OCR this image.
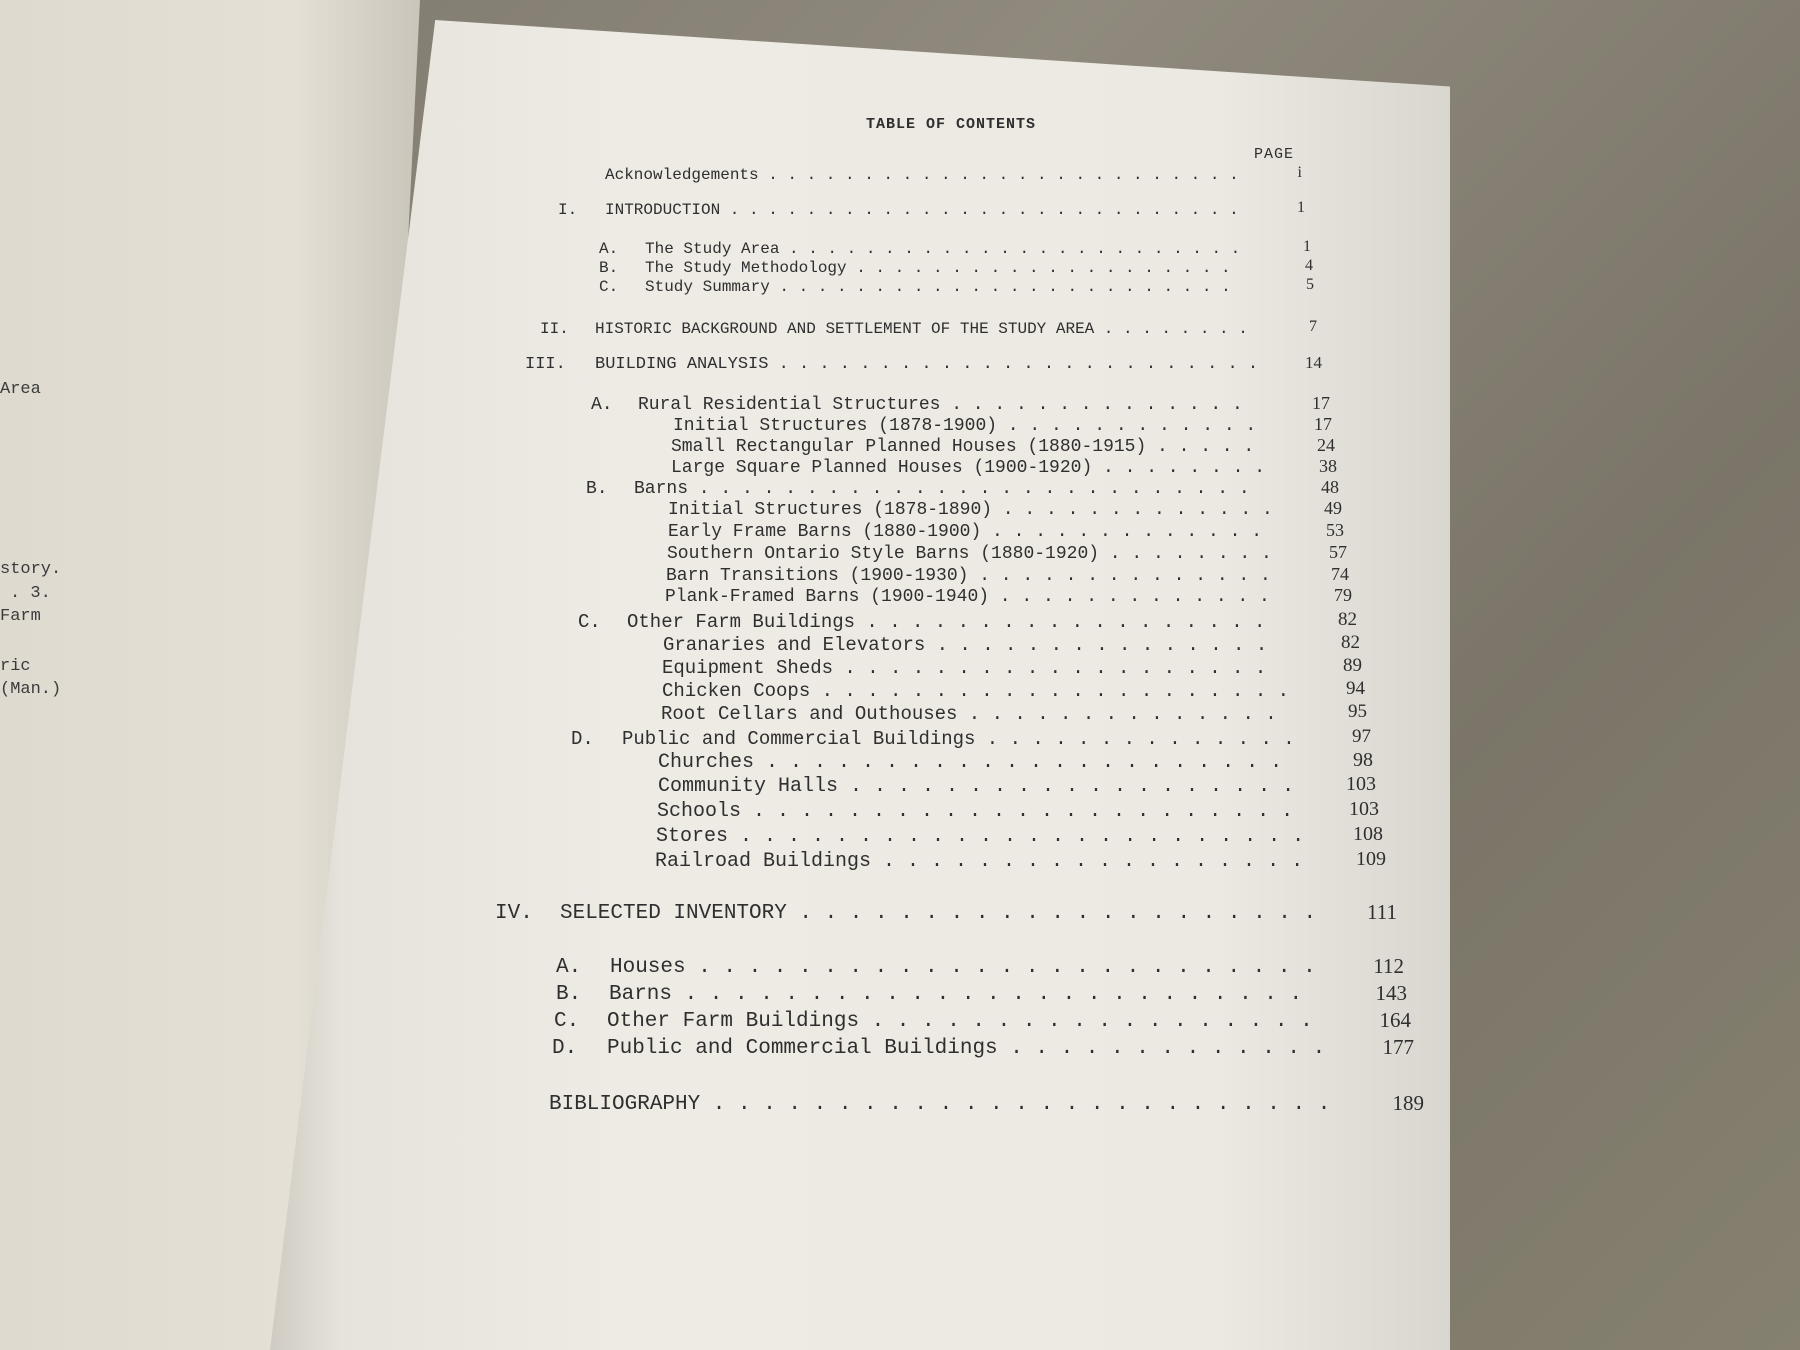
Area
story.
. 3.
Farm
ric
(Man.)
TABLE OF CONTENTS
PAGE
Acknowledgements . . . . . . . . . . . . . . . . . . . . . . . . .	i
I. INTRODUCTION . . . . . . . . . . . . . . . . . . . . . . . . . . .	1
A. The Study Area . . . . . . . . . . . . . . . . . . . . . . . .	1
B. The Study Methodology . . . . . . . . . . . . . . . . . . . .	4
C. Study Summary . . . . . . . . . . . . . . . . . . . . . . . .	5
II. HISTORIC BACKGROUND AND SETTLEMENT OF THE STUDY AREA . . . . . . . .	7
III. BUILDING ANALYSIS . . . . . . . . . . . . . . . . . . . . . . . .	14
A. Rural Residential Structures . . . . . . . . . . . . . .	17
Initial Structures (1878-1900) . . . . . . . . . . . .	17
Small Rectangular Planned Houses (1880-1915) . . . . .	24
Large Square Planned Houses (1900-1920) . . . . . . . .	38
B. Barns . . . . . . . . . . . . . . . . . . . . . . . . . .	48
Initial Structures (1878-1890) . . . . . . . . . . . . .	49
Early Frame Barns (1880-1900) . . . . . . . . . . . . .	53
Southern Ontario Style Barns (1880-1920) . . . . . . . .	57
Barn Transitions (1900-1930) . . . . . . . . . . . . . .	74
Plank-Framed Barns (1900-1940) . . . . . . . . . . . . .	79
C. Other Farm Buildings . . . . . . . . . . . . . . . . . .	82
Granaries and Elevators . . . . . . . . . . . . . . .	82
Equipment Sheds . . . . . . . . . . . . . . . . . . .	89
Chicken Coops . . . . . . . . . . . . . . . . . . . . .	94
Root Cellars and Outhouses . . . . . . . . . . . . . .	95
D. Public and Commercial Buildings . . . . . . . . . . . . . .	97
Churches . . . . . . . . . . . . . . . . . . . . . .	98
Community Halls . . . . . . . . . . . . . . . . . . .	103
Schools . . . . . . . . . . . . . . . . . . . . . . .	103
Stores . . . . . . . . . . . . . . . . . . . . . . . . 108
Railroad Buildings . . . . . . . . . . . . . . . . . .	109
IV. SELECTED INVENTORY . . . . . . . . . . . . . . . . . . . . . 111
A. Houses . . . . . . . . . . . . . . . . . . . . . . . . .	112
B. Barns . . . . . . . . . . . . . . . . . . . . . . . . .	143
C. Other Farm Buildings . . . . . . . . . . . . . . . . . .	164
D. Public and Commercial Buildings . . . . . . . . . . . . .	177
BIBLIOGRAPHY . . . . . . . . . . . . . . . . . . . . . . . . .	189
